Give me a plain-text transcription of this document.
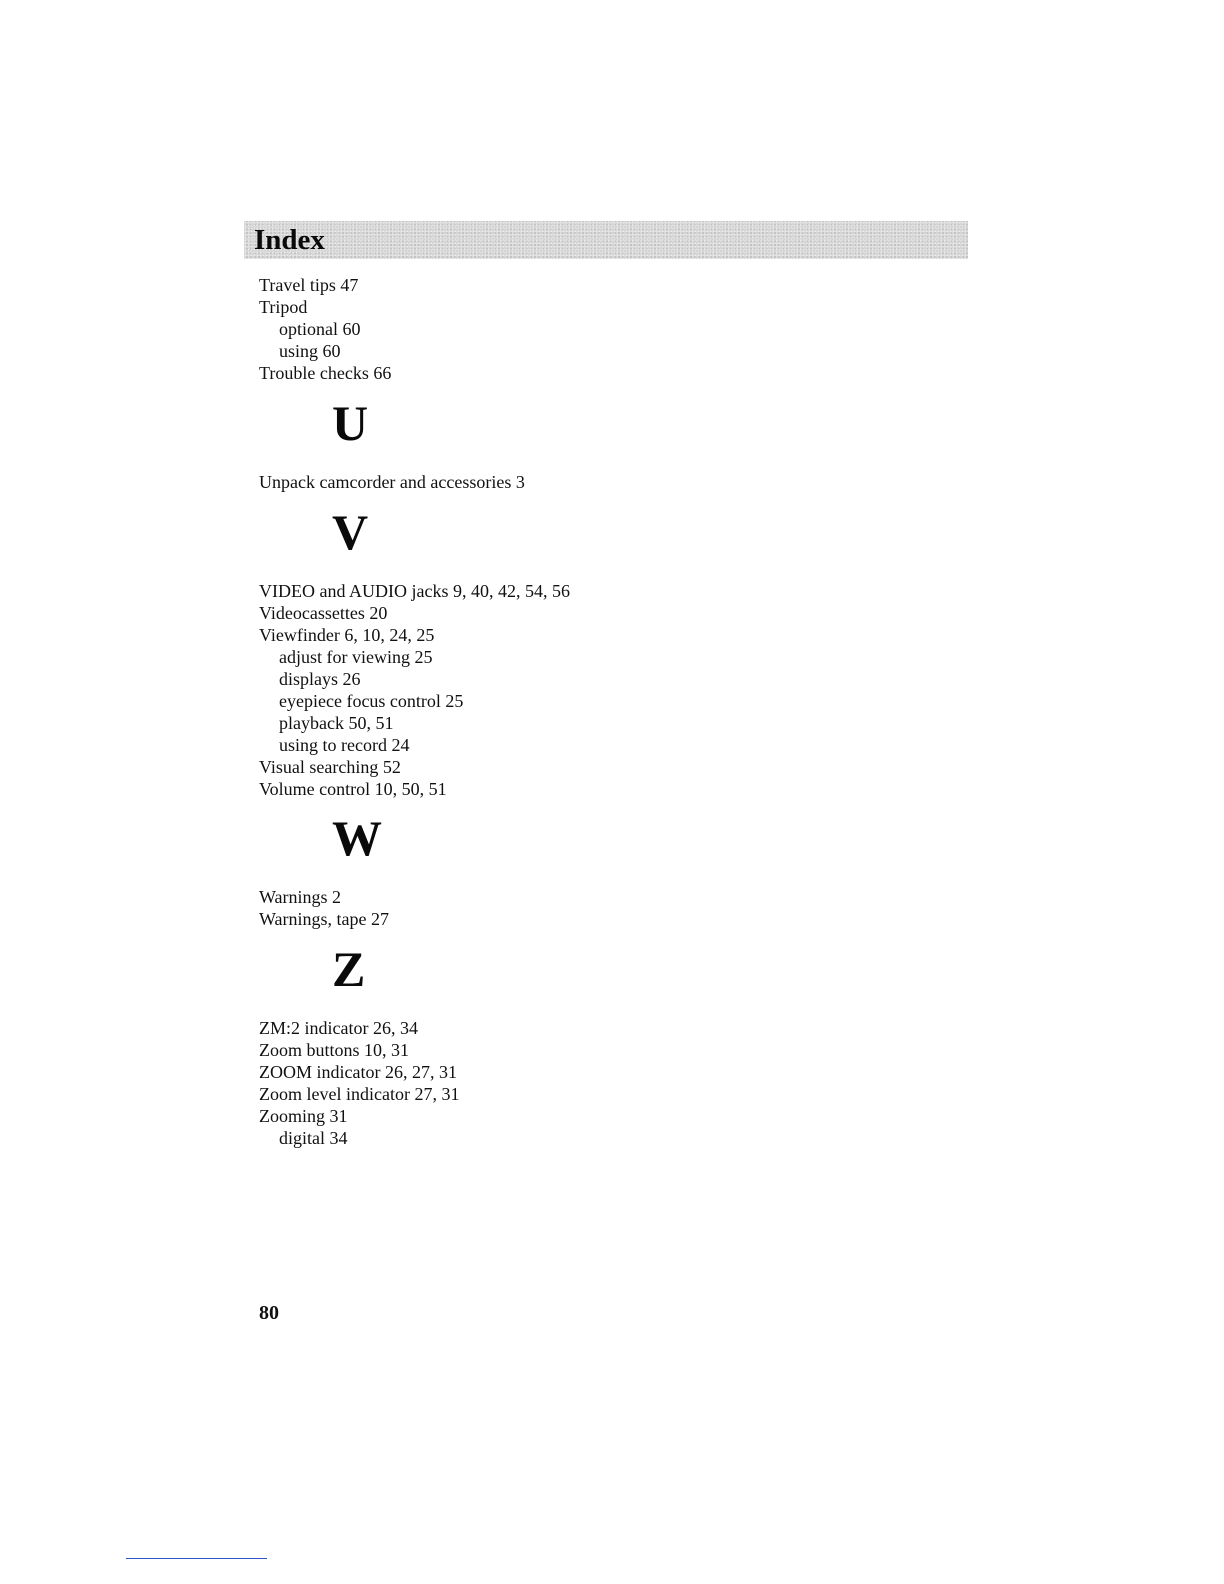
Index
Travel tips 47
Tripod
optional 60
using 60
Trouble checks 66
U
Unpack camcorder and accessories 3
V
VIDEO and AUDIO jacks 9, 40, 42, 54, 56
Videocassettes 20
Viewfinder 6, 10, 24, 25
adjust for viewing 25
displays 26
eyepiece focus control 25
playback 50, 51
using to record 24
Visual searching 52
Volume control 10, 50, 51
W
Warnings 2
Warnings, tape 27
Z
ZM:2 indicator 26, 34
Zoom buttons 10, 31
ZOOM indicator 26, 27, 31
Zoom level indicator 27, 31
Zooming 31
digital 34
80
